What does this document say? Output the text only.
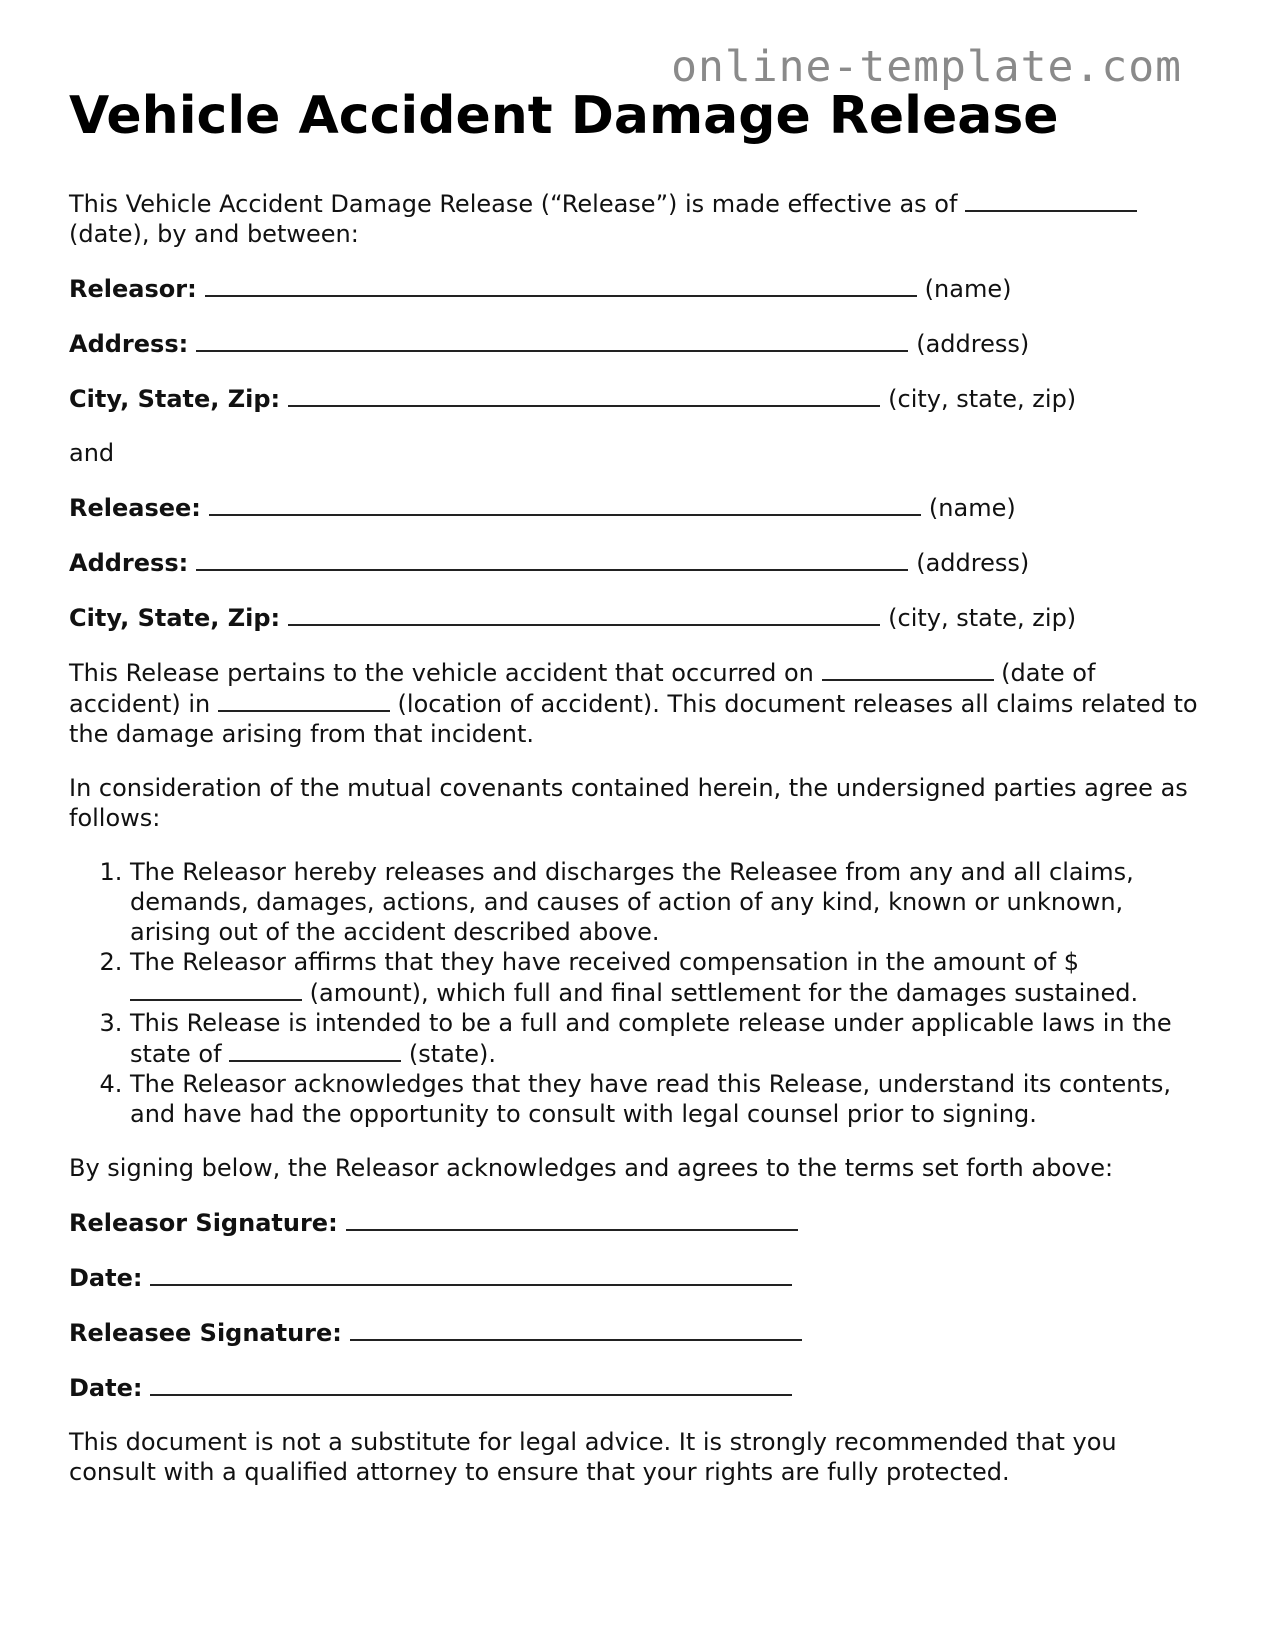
online-template.com
Vehicle Accident Damage Release

This Vehicle Accident Damage Release (“Release”) is made effective as of  (date), by and between:

Releasor:	(name)
Address:	(address)
City, State, Zip:	(city, state, zip)

and

Releasee:	(name)
Address:	(address)
City, State, Zip:	(city, state, zip)

This Release pertains to the vehicle accident that occurred on	(date of accident) in	(location of accident). This document releases all claims related to the damage arising from that incident.

In consideration of the mutual covenants contained herein, the undersigned parties agree as follows:

1. The Releasor hereby releases and discharges the Releasee from any and all claims, demands, damages, actions, and causes of action of any kind, known or unknown, arising out of the accident described above.
2. The Releasor affirms that they have received compensation in the amount of $ (amount), which full and final settlement for the damages sustained.
3. This Release is intended to be a full and complete release under applicable laws in the state of	(state).
4. The Releasor acknowledges that they have read this Release, understand its contents, and have had the opportunity to consult with legal counsel prior to signing.

By signing below, the Releasor acknowledges and agrees to the terms set forth above:

Releasor Signature:
Date:
Releasee Signature:
Date:

This document is not a substitute for legal advice. It is strongly recommended that you consult with a qualified attorney to ensure that your rights are fully protected.
